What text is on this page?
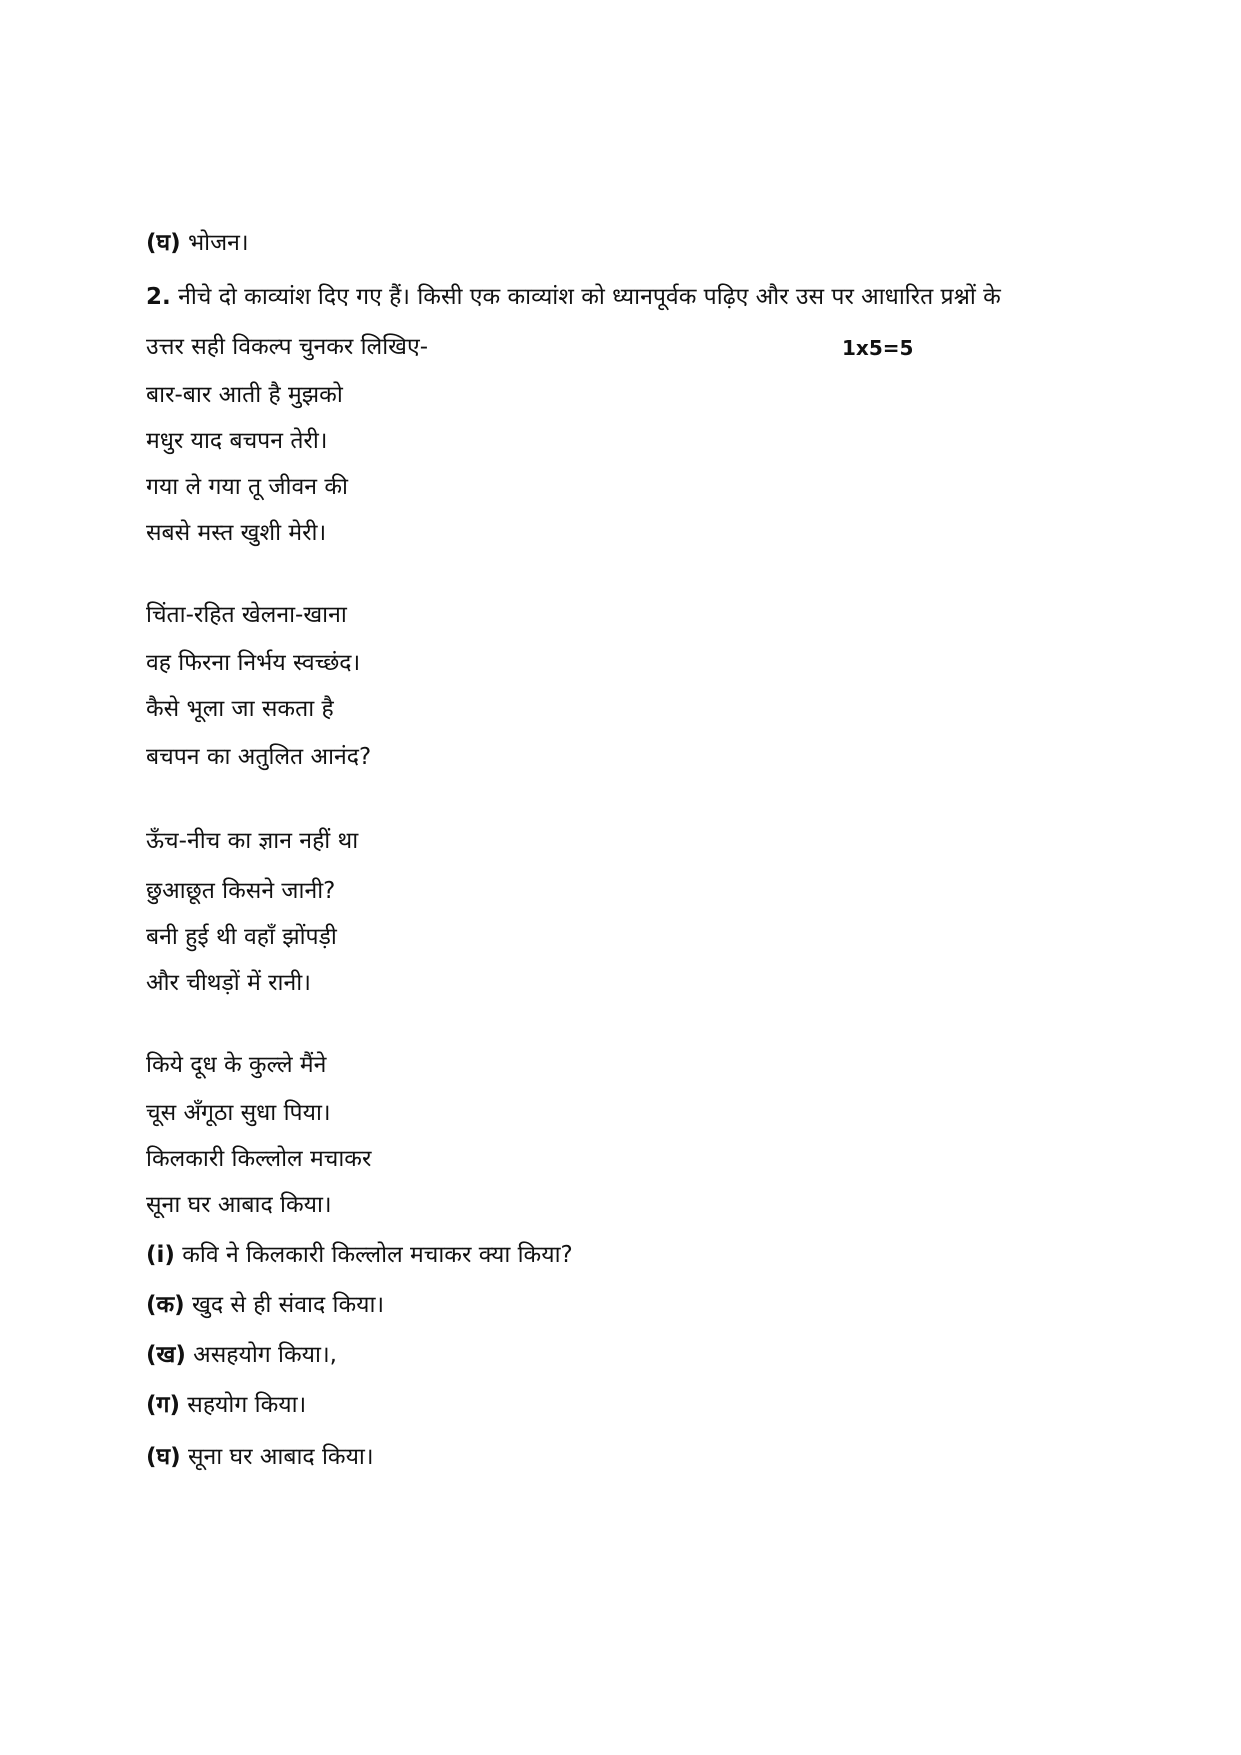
(घ) भोजन।
2. नीचे दो काव्यांश दिए गए हैं। किसी एक काव्यांश को ध्यानपूर्वक पढ़िए और उस पर आधारित प्रश्नों के
उत्तर सही विकल्प चुनकर लिखिए-	1x5=5
बार-बार आती है मुझको
मधुर याद बचपन तेरी।
गया ले गया तू जीवन की
सबसे मस्त खुशी मेरी।
चिंता-रहित खेलना-खाना
वह फिरना निर्भय स्वच्छंद।
कैसे भूला जा सकता है
बचपन का अतुलित आनंद?
ऊँच-नीच का ज्ञान नहीं था
छुआछूत किसने जानी?
बनी हुई थी वहाँ झोंपड़ी
और चीथड़ों में रानी।
किये दूध के कुल्ले मैंने
चूस अँगूठा सुधा पिया।
किलकारी किल्लोल मचाकर
सूना घर आबाद किया।
(i) कवि ने किलकारी किल्लोल मचाकर क्या किया?
(क) खुद से ही संवाद किया।
(ख) असहयोग किया।,
(ग) सहयोग किया।
(घ) सूना घर आबाद किया।
